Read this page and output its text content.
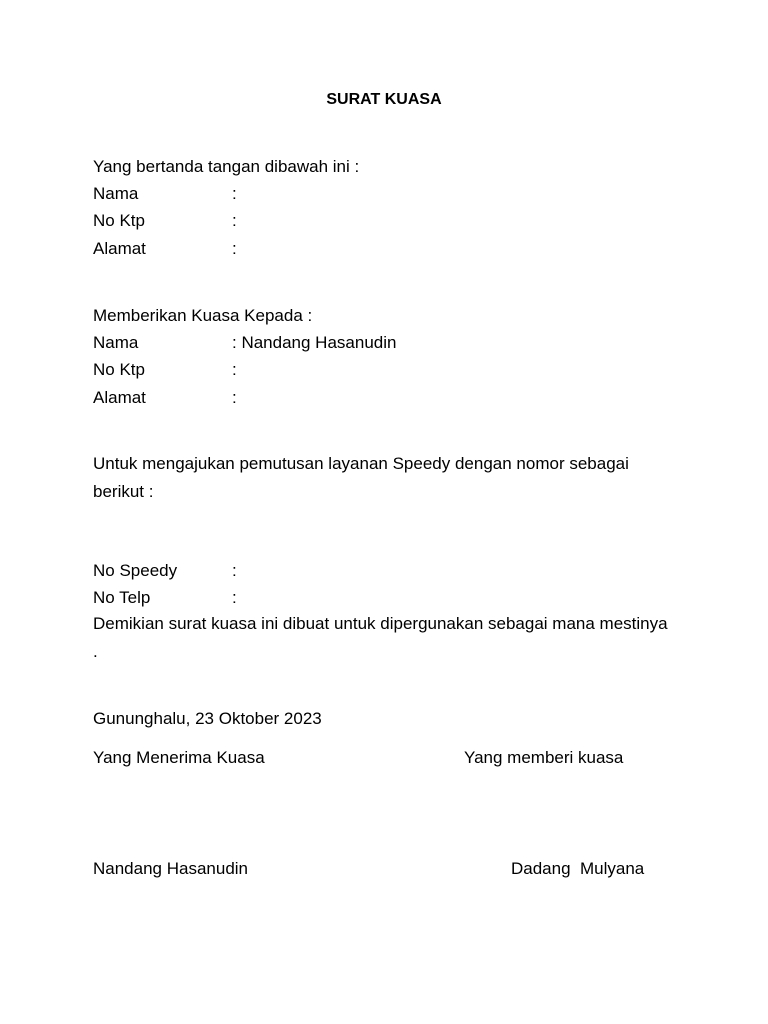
SURAT KUASA
Yang bertanda tangan dibawah ini :
Nama	:
No Ktp	:
Alamat	:
Memberikan Kuasa Kepada :
Nama	: Nandang Hasanudin
No Ktp	:
Alamat	:
Untuk mengajukan pemutusan layanan Speedy dengan nomor sebagai berikut :
No Speedy	:
No Telp	:
Demikian surat kuasa ini dibuat untuk dipergunakan sebagai mana mestinya .
Gununghalu, 23 Oktober 2023
Yang Menerima Kuasa	Yang memberi kuasa
Nandang Hasanudin	Dadang  Mulyana
